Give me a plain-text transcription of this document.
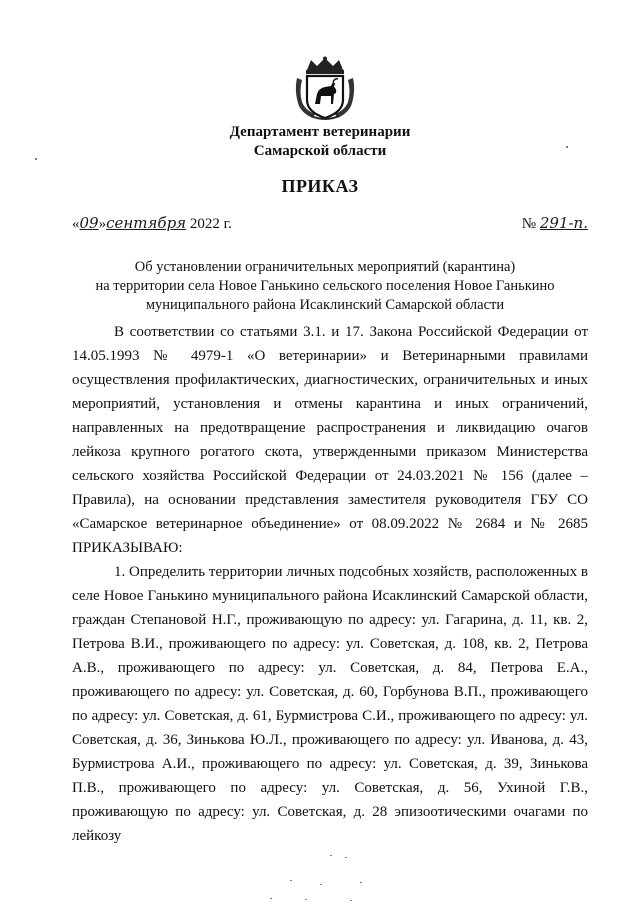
Департамент ветеринарии
Самарской области
ПРИКАЗ
«09»сентября 2022 г.	№ 291-п.
Об установлении ограничительных мероприятий (карантина)
на территории села Новое Ганькино сельского поселения Новое Ганькино
муниципального района Исаклинский Самарской области

В соответствии со статьями 3.1. и 17. Закона Российской Федерации от 14.05.1993 № 4979-1 «О ветеринарии» и Ветеринарными правилами осуществления профилактических, диагностических, ограничительных и иных мероприятий, установления и отмены карантина и иных ограничений, направленных на предотвращение распространения и ликвидацию очагов лейкоза крупного рогатого скота, утвержденными приказом Министерства сельского хозяйства Российской Федерации от 24.03.2021 № 156 (далее – Правила), на основании представления заместителя руководителя ГБУ СО «Самарское ветеринарное объединение» от 08.09.2022 № 2684 и № 2685 ПРИКАЗЫВАЮ:

1. Определить территории личных подсобных хозяйств, расположенных в селе Новое Ганькино муниципального района Исаклинский Самарской области, граждан Степановой Н.Г., проживающую по адресу: ул. Гагарина, д. 11, кв. 2, Петрова В.И., проживающего по адресу: ул. Советская, д. 108, кв. 2, Петрова А.В., проживающего по адресу: ул. Советская, д. 84, Петрова Е.А., проживающего по адресу: ул. Советская, д. 60, Горбунова В.П., проживающего по адресу: ул. Советская, д. 61, Бурмистрова С.И., проживающего по адресу: ул. Советская, д. 36, Зинькова Ю.Л., проживающего по адресу: ул. Иванова, д. 43, Бурмистрова А.И., проживающего по адресу: ул. Советская, д. 39, Зинькова П.В., проживающего по адресу: ул. Советская, д. 56, Ухиной Г.В., проживающую по адресу: ул. Советская, д. 28 эпизоотическими очагами по лейкозу
